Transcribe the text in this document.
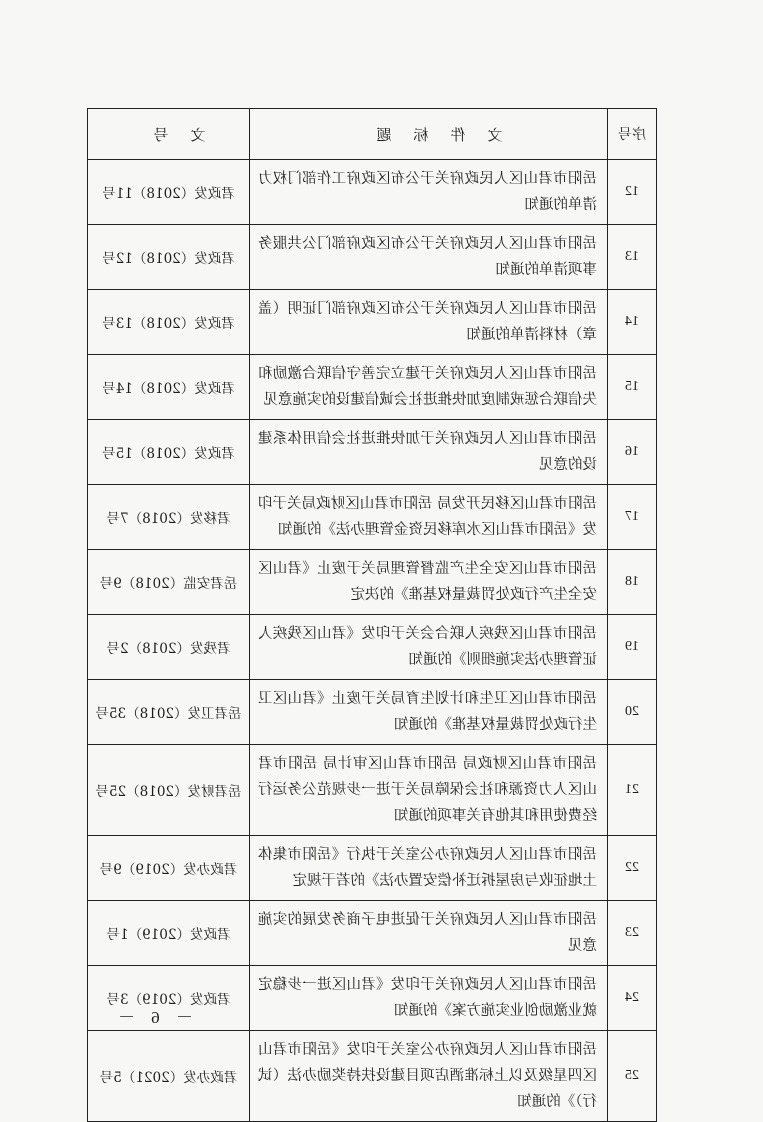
序号	文件标题	文号
12	岳阳市君山区人民政府关于公布区政府工作部门权力清单的通知	君政发（2018）11号
13	岳阳市君山区人民政府关于公布区政府部门公共服务事项清单的通知	君政发（2018）12号
14	岳阳市君山区人民政府关于公布区政府部门证明（盖章）材料清单的通知	君政发（2018）13号
15	岳阳市君山区人民政府关于建立完善守信联合激励和失信联合惩戒制度加快推进社会诚信建设的实施意见	君政发（2018）14号
16	岳阳市君山区人民政府关于加快推进社会信用体系建设的意见	君政发（2018）15号
17	岳阳市君山区移民开发局 岳阳市君山区财政局关于印发《岳阳市君山区水库移民资金管理办法》的通知	君移发（2018）7号
18	岳阳市君山区安全生产监督管理局关于废止《君山区安全生产行政处罚裁量权基准》的决定	岳君安监（2018）9号
19	岳阳市君山区残疾人联合会关于印发《君山区残疾人证管理办法实施细则》的通知	君残发（2018）2号
20	岳阳市君山区卫生和计划生育局关于废止《君山区卫生行政处罚裁量权基准》的通知	岳君卫发（2018）35号
21	岳阳市君山区财政局 岳阳市君山区审计局 岳阳市君山区人力资源和社会保障局关于进一步规范公务运行经费使用和其他有关事项的通知	岳君财发（2018）25号
22	岳阳市君山区人民政府办公室关于执行《岳阳市集体土地征收与房屋拆迁补偿安置办法》的若干规定	君政办发（2019）9号
23	岳阳市君山区人民政府关于促进电子商务发展的实施意见	君政发（2019）1号
24	岳阳市君山区人民政府关于印发《君山区进一步稳定就业激励创业实施方案》的通知	君政发（2019）3号
25	岳阳市君山区人民政府办公室关于印发《岳阳市君山区四星级及以上标准酒店项目建设扶持奖励办法（试行）》的通知	君政办发（2021）5号
－ 6 －
